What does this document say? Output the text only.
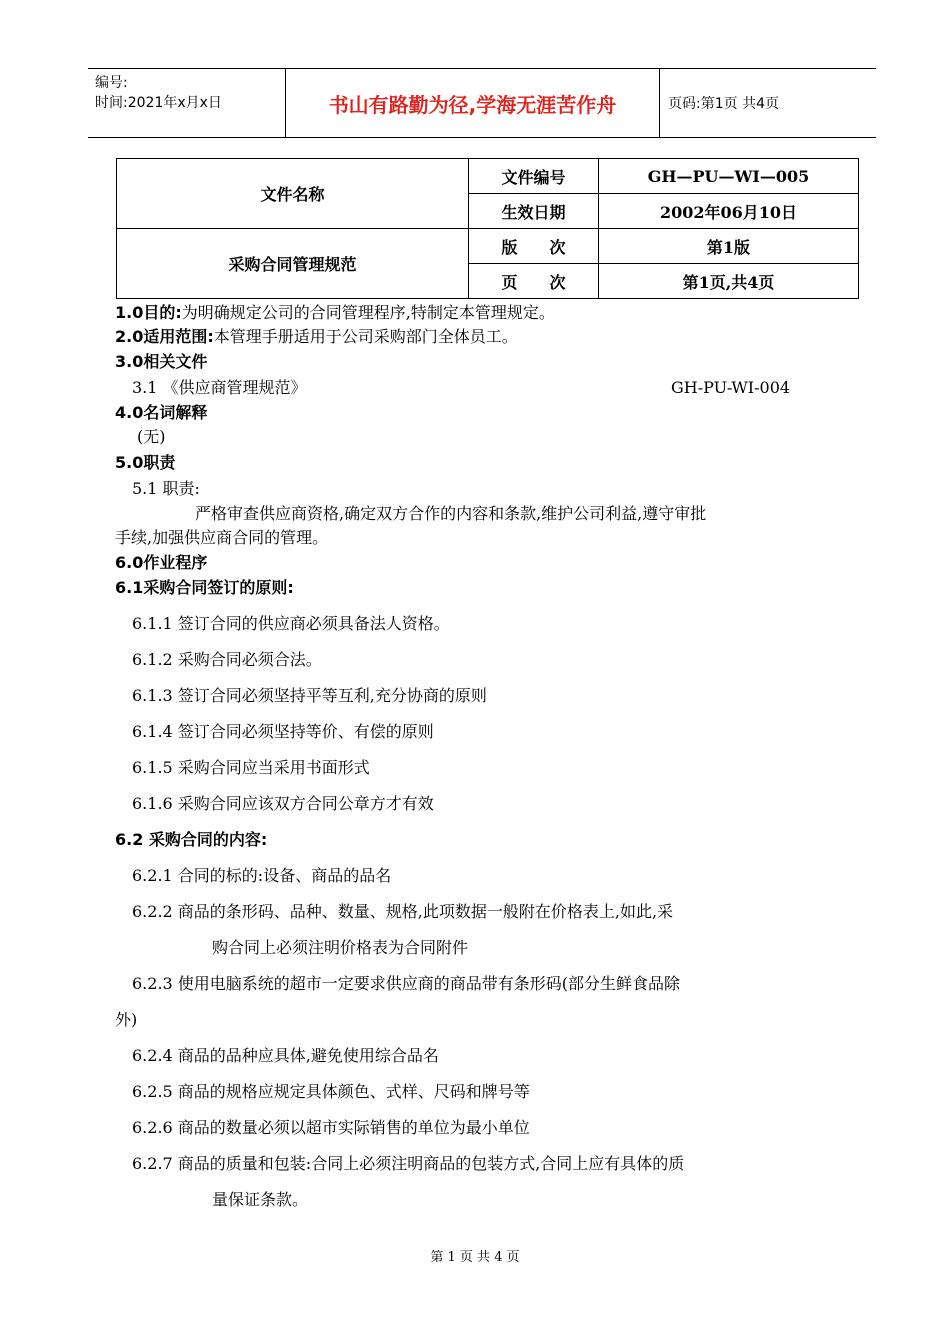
编号:
时间:2021年x月x日	书山有路勤为径,学海无涯苦作舟	页码:第1页 共4页
文件名称	文件编号	GH—PU—WI—005
	生效日期	2002年06月10日
采购合同管理规范	版　　次	第1版
	页　　次	第1页,共4页
1.0目的:为明确规定公司的合同管理程序,特制定本管理规定。
2.0适用范围:本管理手册适用于公司采购部门全体员工。
3.0相关文件
3.1 《供应商管理规范》	GH-PU-WI-004
4.0名词解释
(无)
5.0职责
5.1 职责:
严格审查供应商资格,确定双方合作的内容和条款,维护公司利益,遵守审批
手续,加强供应商合同的管理。
6.0作业程序
6.1采购合同签订的原则:
6.1.1 签订合同的供应商必须具备法人资格。
6.1.2 采购合同必须合法。
6.1.3 签订合同必须坚持平等互利,充分协商的原则
6.1.4 签订合同必须坚持等价、有偿的原则
6.1.5 采购合同应当采用书面形式
6.1.6 采购合同应该双方合同公章方才有效
6.2 采购合同的内容:
6.2.1 合同的标的:设备、商品的品名
6.2.2 商品的条形码、品种、数量、规格,此项数据一般附在价格表上,如此,采
购合同上必须注明价格表为合同附件
6.2.3 使用电脑系统的超市一定要求供应商的商品带有条形码(部分生鲜食品除
外)
6.2.4 商品的品种应具体,避免使用综合品名
6.2.5 商品的规格应规定具体颜色、式样、尺码和牌号等
6.2.6 商品的数量必须以超市实际销售的单位为最小单位
6.2.7 商品的质量和包装:合同上必须注明商品的包装方式,合同上应有具体的质
量保证条款。
第 1 页 共 4 页
